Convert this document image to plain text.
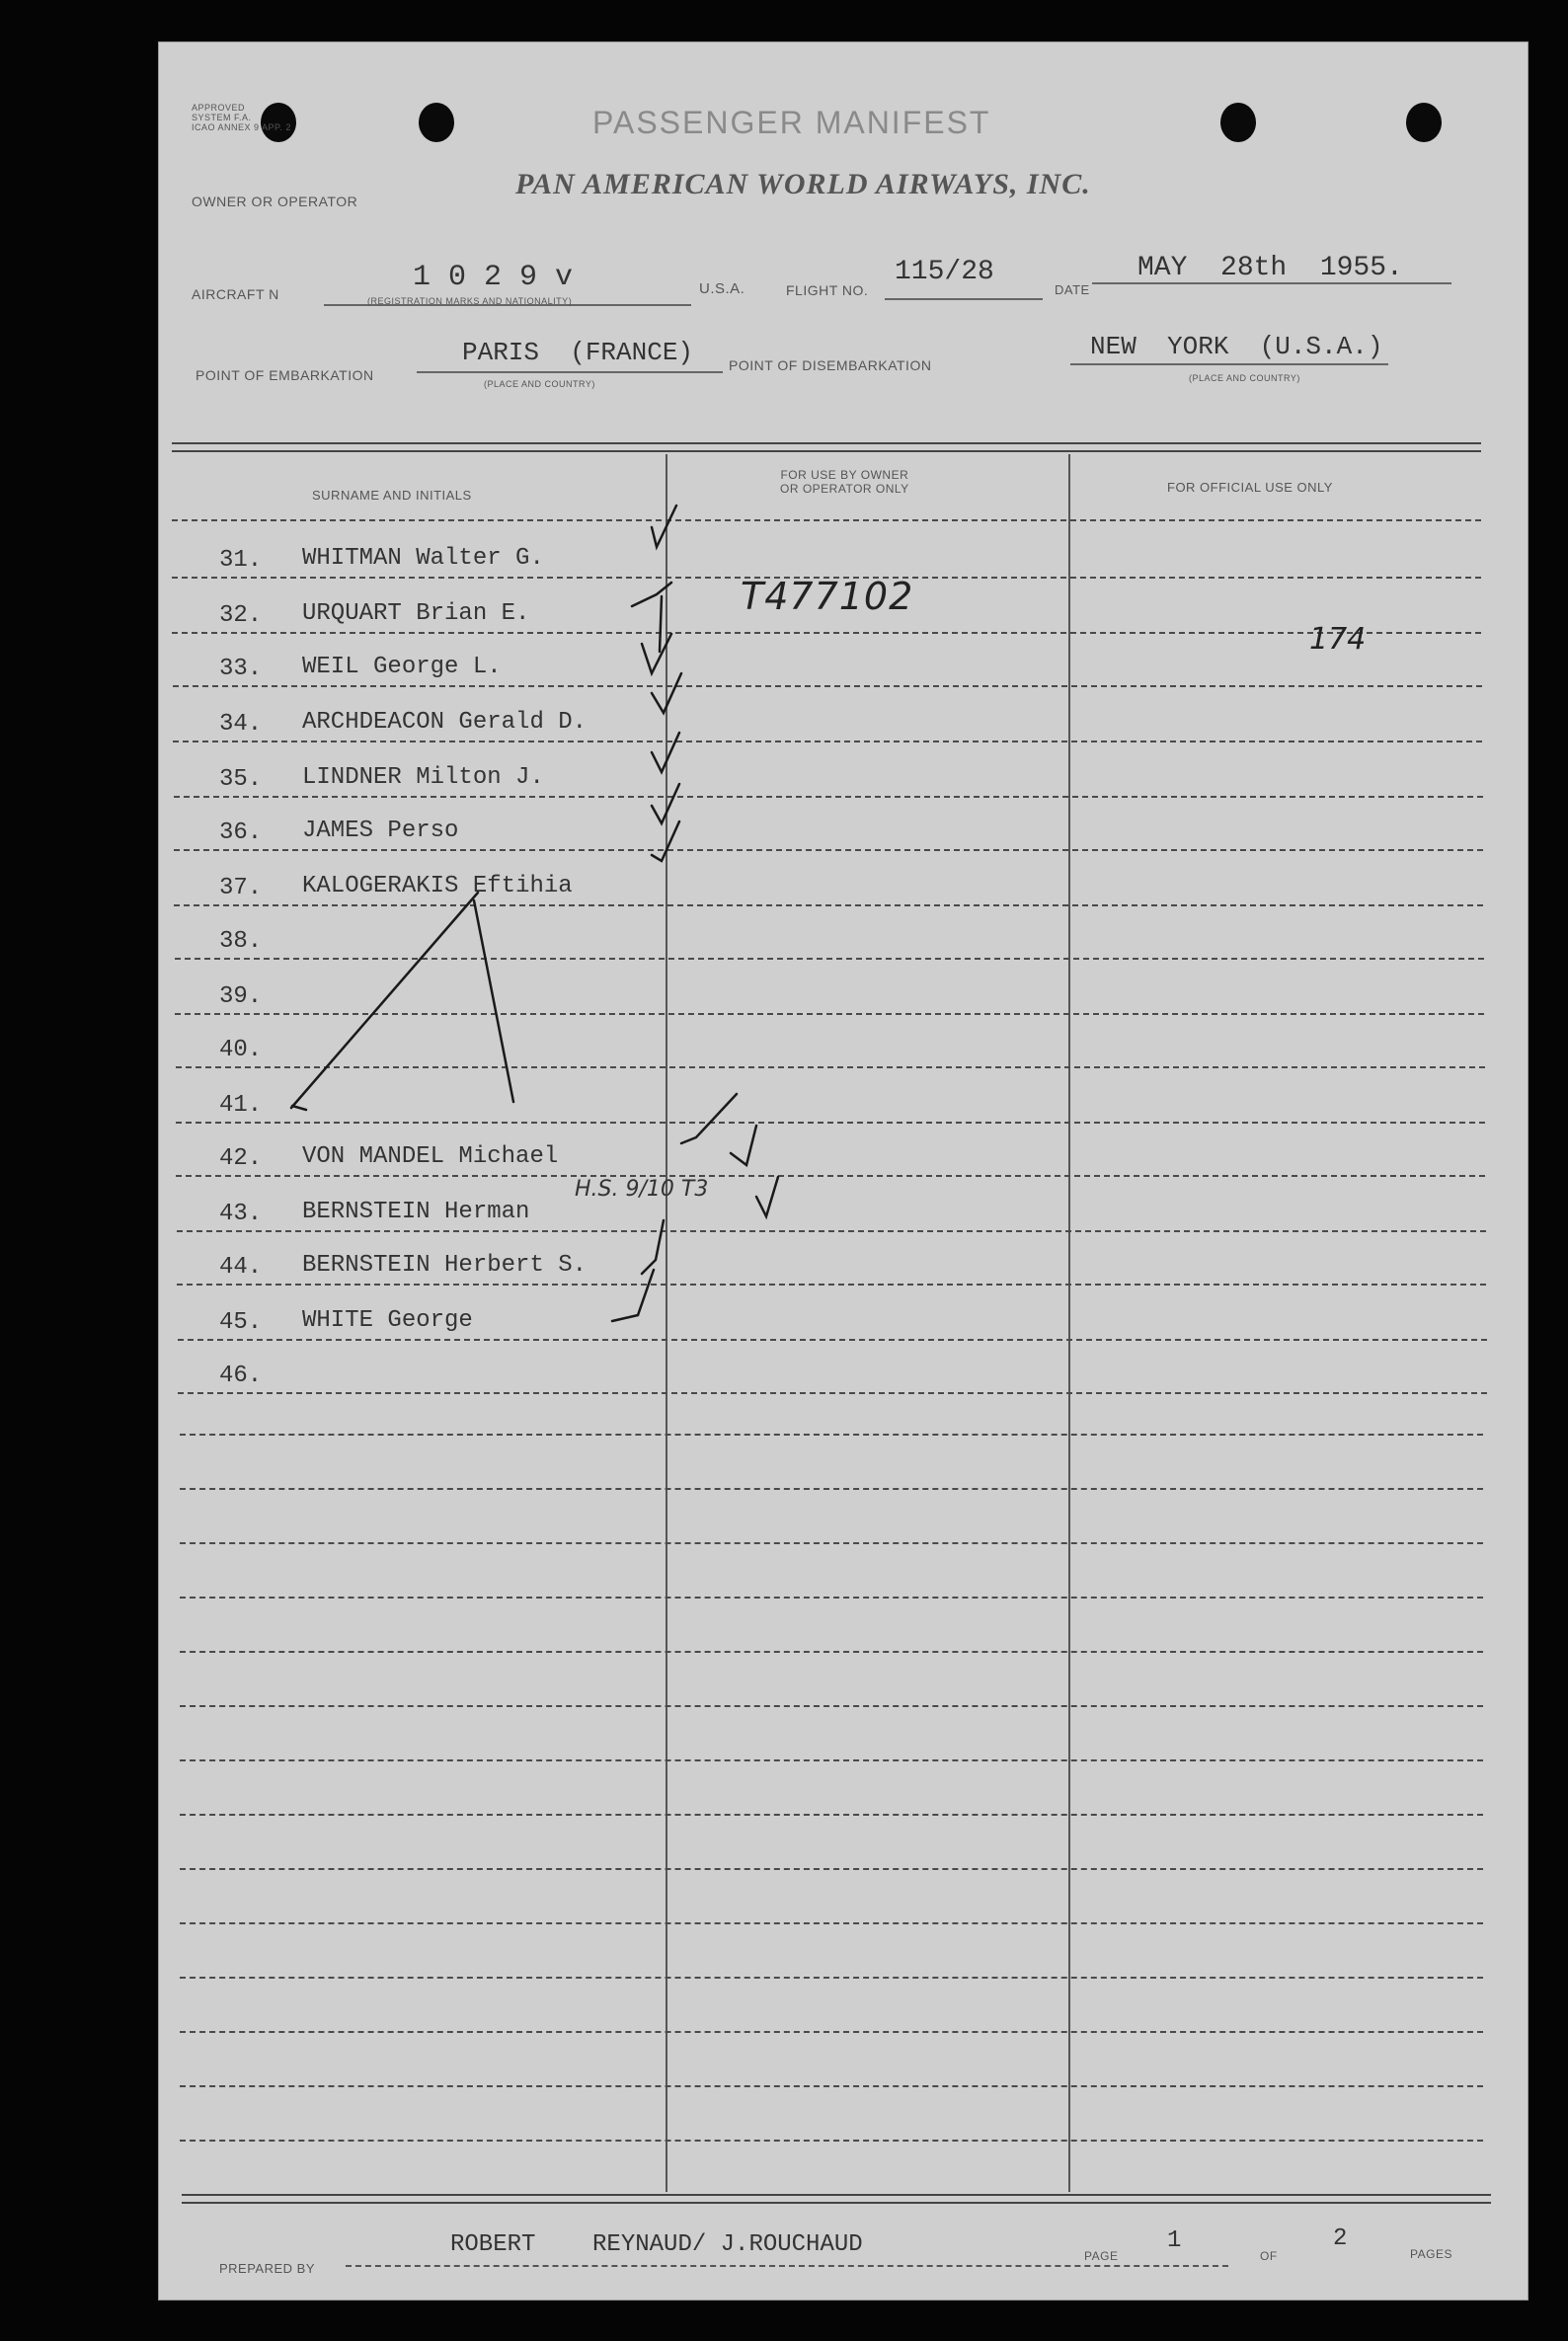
APPROVED
SYSTEM F.A.
ICAO ANNEX 9 APP. 2	PASSENGER MANIFEST
OWNER OR OPERATOR
PAN AMERICAN WORLD AIRWAYS, INC.
AIRCRAFT N	1 0 2 9 v
(REGISTRATION MARKS AND NATIONALITY)
U.S.A.	FLIGHT NO.
115/28
DATE
MAY  28th  1955.
POINT OF EMBARKATION
PARIS  (FRANCE)
(PLACE AND COUNTRY)
POINT OF DISEMBARKATION
NEW  YORK  (U.S.A.)
(PLACE AND COUNTRY)
SURNAME AND INITIALS
FOR USE BY OWNER
OR OPERATOR ONLY	FOR OFFICIAL USE ONLY
31. WHITMAN Walter G.
32. URQUART Brian E.
33. WEIL George L.
34. ARCHDEACON Gerald D.
35. LINDNER Milton J.
36. JAMES Perso
37. KALOGERAKIS Eftihia
38.
39.
40.
41.
42. VON MANDEL Michael
43. BERNSTEIN Herman
44. BERNSTEIN Herbert S.
45. WHITE George
46.
PREPARED BY
ROBERT    REYNAUD/ J.ROUCHAUD	PAGE
1
OF
2
PAGES
T477102
174
H.S. 9/10 T3
